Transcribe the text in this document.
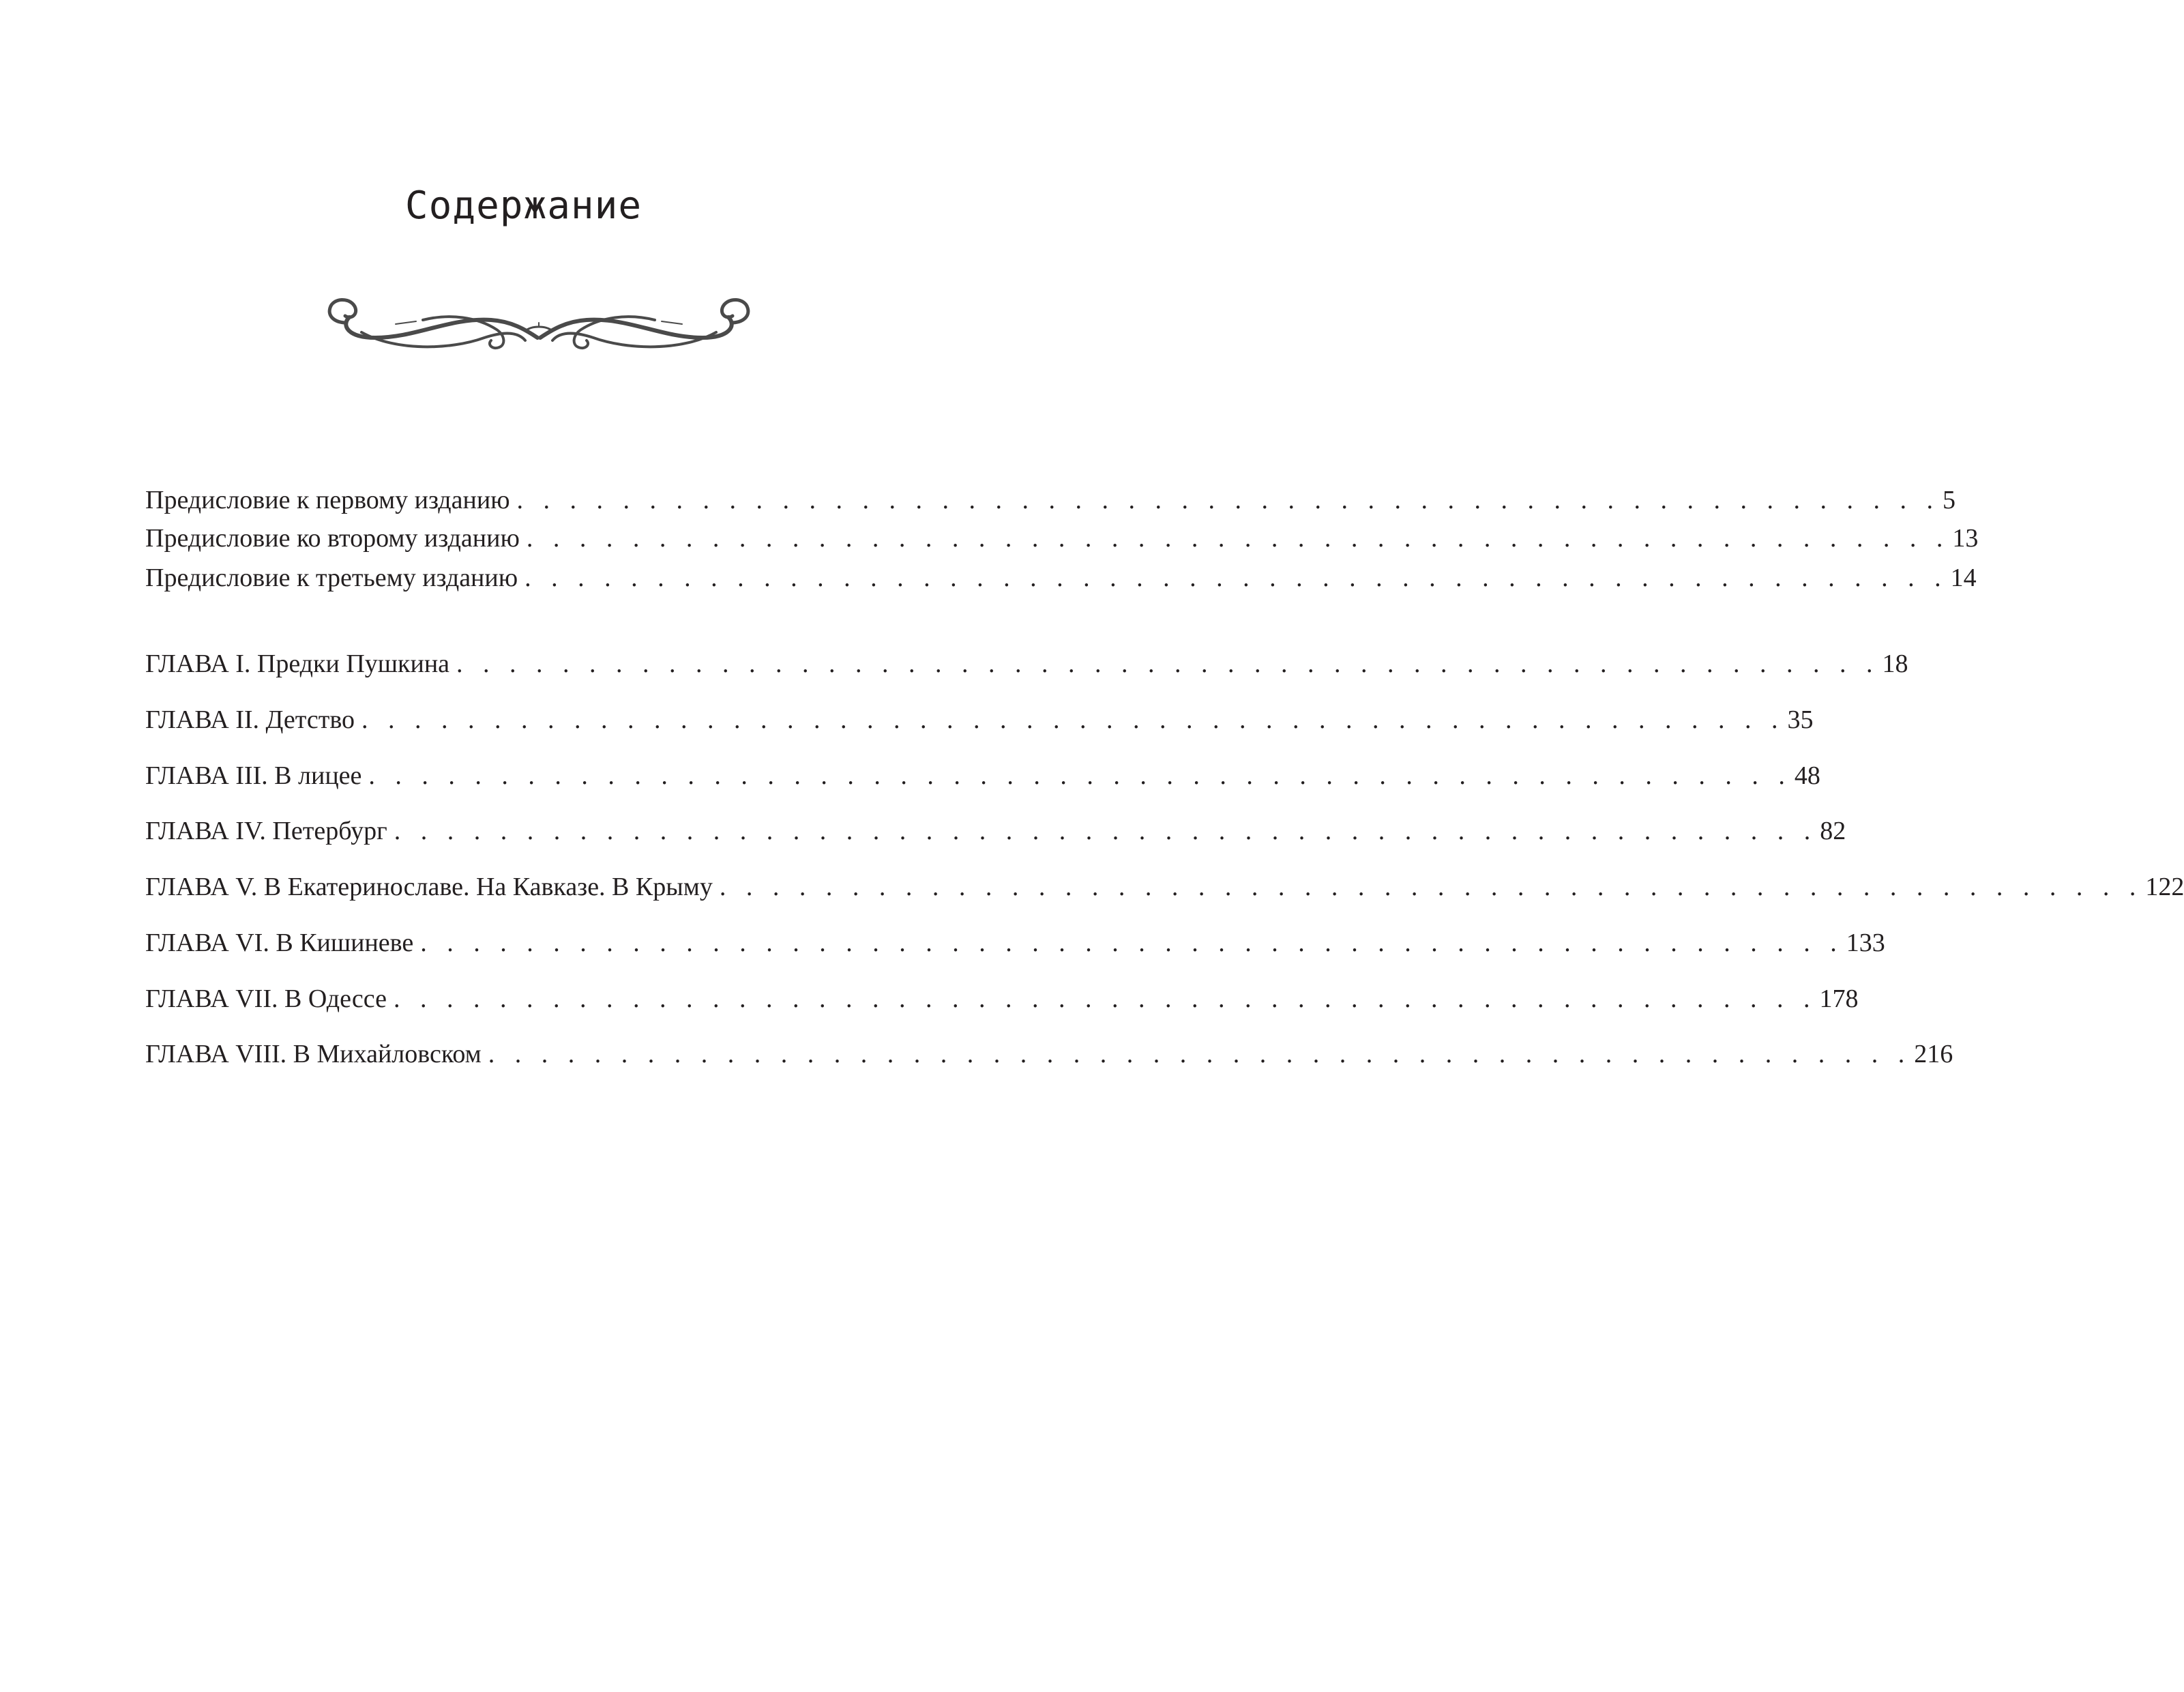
Содержание
Предисловие к первому изданию . . . . . . . . . . . . . . . . . . . . . . . . . . . . . . . . . . . . . . . . . . . . . . . . . . . . . . 5
Предисловие ко второму изданию . . . . . . . . . . . . . . . . . . . . . . . . . . . . . . . . . . . . . . . . . . . . . . . . . . . . . . 13
Предисловие к третьему изданию . . . . . . . . . . . . . . . . . . . . . . . . . . . . . . . . . . . . . . . . . . . . . . . . . . . . . . 14
ГЛАВА I. Предки Пушкина . . . . . . . . . . . . . . . . . . . . . . . . . . . . . . . . . . . . . . . . . . . . . . . . . . . . . . 18
ГЛАВА II. Детство . . . . . . . . . . . . . . . . . . . . . . . . . . . . . . . . . . . . . . . . . . . . . . . . . . . . . . 35
ГЛАВА III. В лицее . . . . . . . . . . . . . . . . . . . . . . . . . . . . . . . . . . . . . . . . . . . . . . . . . . . . . . 48
ГЛАВА IV. Петербург . . . . . . . . . . . . . . . . . . . . . . . . . . . . . . . . . . . . . . . . . . . . . . . . . . . . . . 82
ГЛАВА V. В Екатеринославе. На Кавказе. В Крыму . . . . . . . . . . . . . . . . . . . . . . . . . . . . . . . . . . . . . . . . . . . . . . . . . . . . . . 122
ГЛАВА VI. В Кишиневе . . . . . . . . . . . . . . . . . . . . . . . . . . . . . . . . . . . . . . . . . . . . . . . . . . . . . . 133
ГЛАВА VII. В Одессе . . . . . . . . . . . . . . . . . . . . . . . . . . . . . . . . . . . . . . . . . . . . . . . . . . . . . . 178
ГЛАВА VIII. В Михайловском . . . . . . . . . . . . . . . . . . . . . . . . . . . . . . . . . . . . . . . . . . . . . . . . . . . . . . 216
